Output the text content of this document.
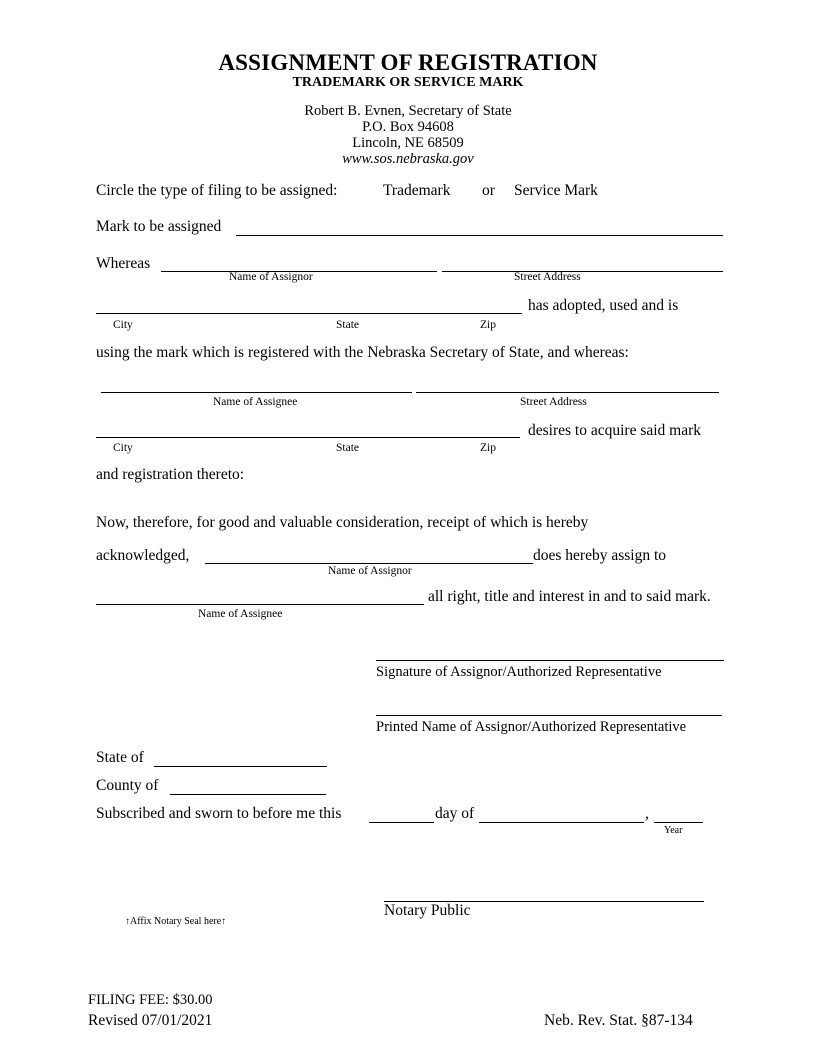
ASSIGNMENT OF REGISTRATION
TRADEMARK OR SERVICE MARK
Robert B. Evnen, Secretary of State
P.O. Box 94608
Lincoln, NE 68509
www.sos.nebraska.gov
Circle the type of filing to be assigned:	Trademark or Service Mark
Mark to be assigned
Whereas
Name of Assignor	Street Address
has adopted, used and is
City	State	Zip
using the mark which is registered with the Nebraska Secretary of State, and whereas:
Name of Assignee	Street Address
desires to acquire said mark
City	State	Zip
and registration thereto:
Now, therefore, for good and valuable consideration, receipt of which is hereby
acknowledged,	does hereby assign to
Name of Assignor
all right, title and interest in and to said mark.
Name of Assignee
Signature of Assignor/Authorized Representative
Printed Name of Assignor/Authorized Representative
State of
County of
Subscribed and sworn to before me this	day of	,
Year
Notary Public
↑Affix Notary Seal here↑
FILING FEE: $30.00
Revised 07/01/2021	Neb. Rev. Stat. §87-134
